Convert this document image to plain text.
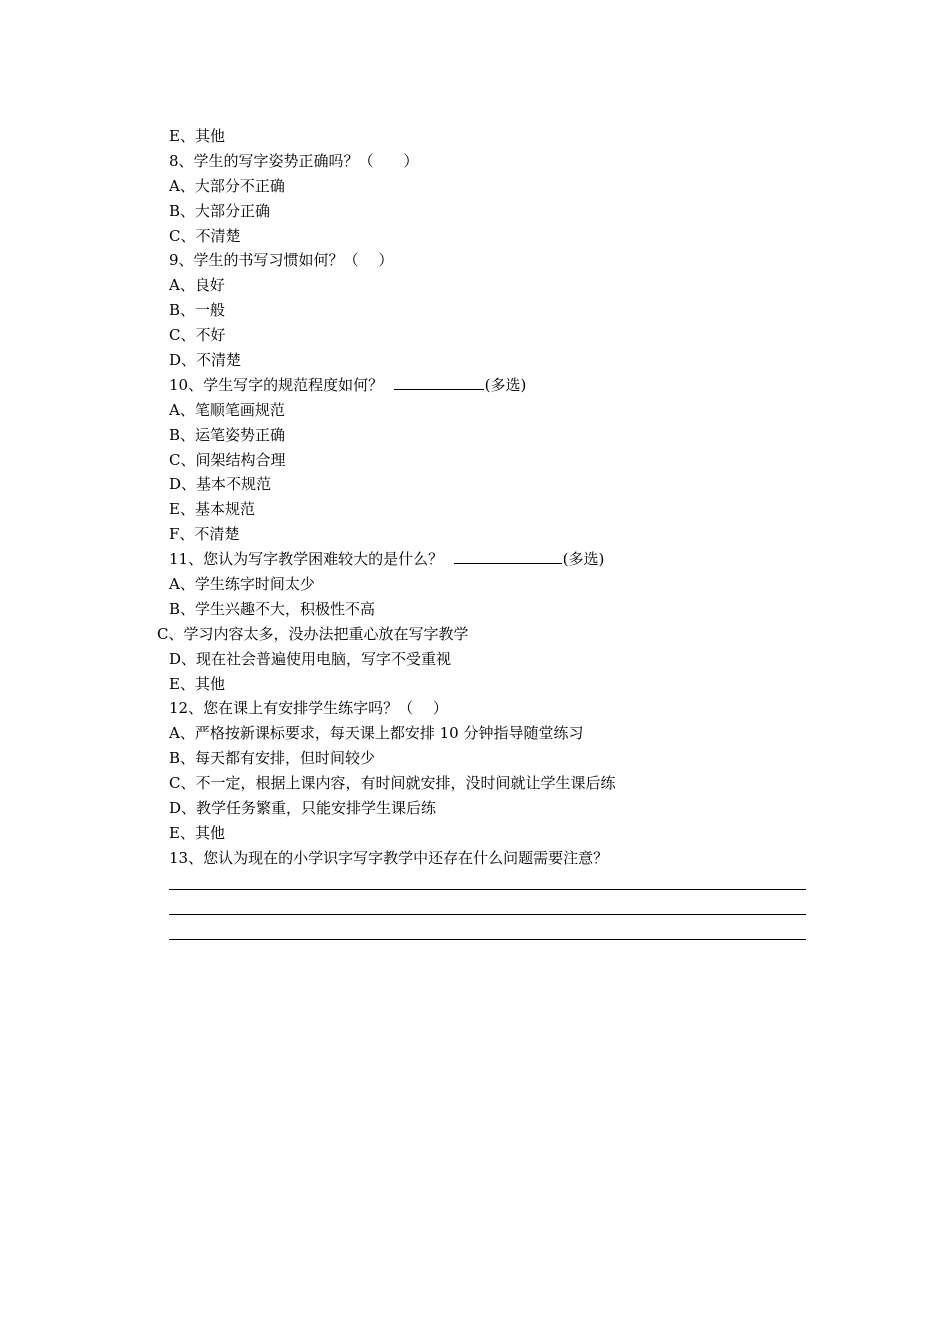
E、其他
8、学生的写字姿势正确吗？（　　）
A、大部分不正确
B、大部分正确
C、不清楚
9、学生的书写习惯如何？（　 ）
A、良好
B、一般
C、不好
D、不清楚
10、学生写字的规范程度如何？	(多选)
A、笔顺笔画规范
B、运笔姿势正确
C、间架结构合理
D、基本不规范
E、基本规范
F、不清楚
11、您认为写字教学困难较大的是什么？	(多选)
A、学生练字时间太少
B、学生兴趣不大，积极性不高
C、学习内容太多，没办法把重心放在写字教学
D、现在社会普遍使用电脑，写字不受重视
E、其他
12、您在课上有安排学生练字吗？（　 ）
A、严格按新课标要求，每天课上都安排 10 分钟指导随堂练习
B、每天都有安排，但时间较少
C、不一定，根据上课内容，有时间就安排，没时间就让学生课后练
D、教学任务繁重，只能安排学生课后练
E、其他
13、您认为现在的小学识字写字教学中还存在什么问题需要注意？
